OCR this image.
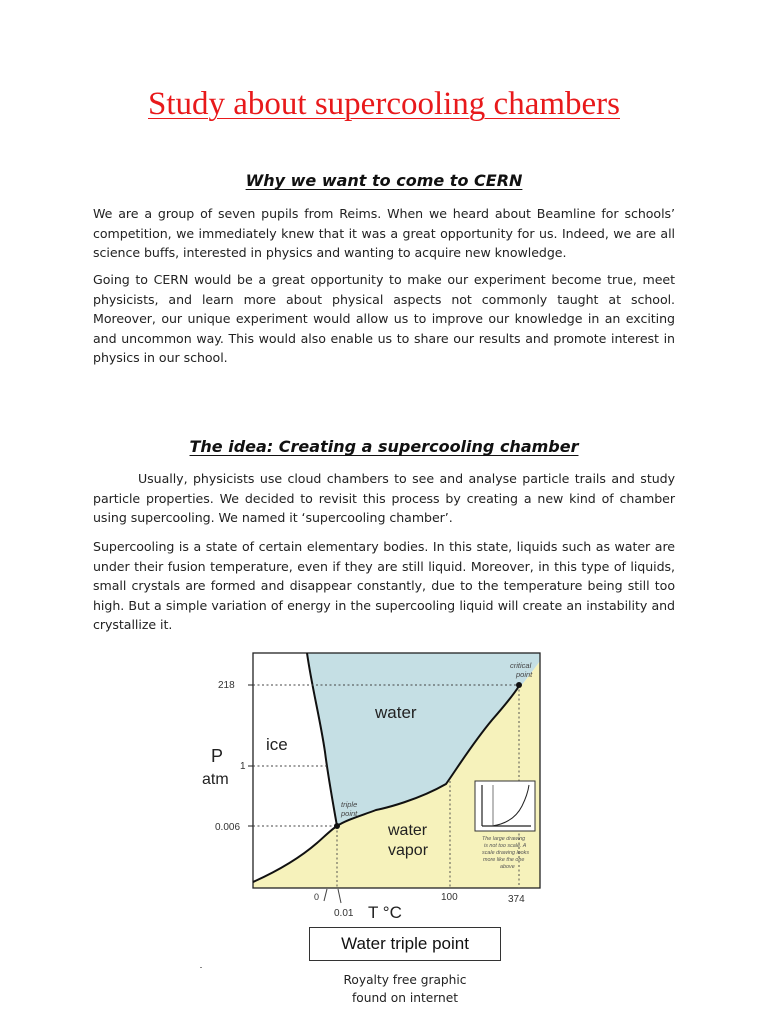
Study about supercooling chambers
Why we want to come to CERN

We are a group of seven pupils from Reims. When we heard about Beamline for schools’ competition, we immediately knew that it was a great opportunity for us. Indeed, we are all science buffs, interested in physics and wanting to acquire new knowledge.

Going to CERN would be a great opportunity to make our experiment become true, meet physicists, and learn more about physical aspects not commonly taught at school. Moreover, our unique experiment would allow us to improve our knowledge in an exciting and uncommon way. This would also enable us to share our results and promote interest in physics in our school.

The idea: Creating a supercooling chamber

Usually, physicists use cloud chambers to see and analyse particle trails and study particle properties. We decided to revisit this process by creating a new kind of chamber using supercooling. We named it ‘supercooling chamber’.

Supercooling is a state of certain elementary bodies. In this state, liquids such as water are under their fusion temperature, even if they are still liquid. Moreover, in this type of liquids, small crystals are formed and disappear constantly, due to the temperature being still too high. But a simple variation of energy in the supercooling liquid will create an instability and crystallize it.

218
1
0.006
P
atm
0
0.01
100	374
T °C
ice
water
water
vapor
critical
point
triple
point
The large drawing
is not too scale. A
scale drawing looks
more like the one
above
Water triple point
Royalty free graphic
found on internet
